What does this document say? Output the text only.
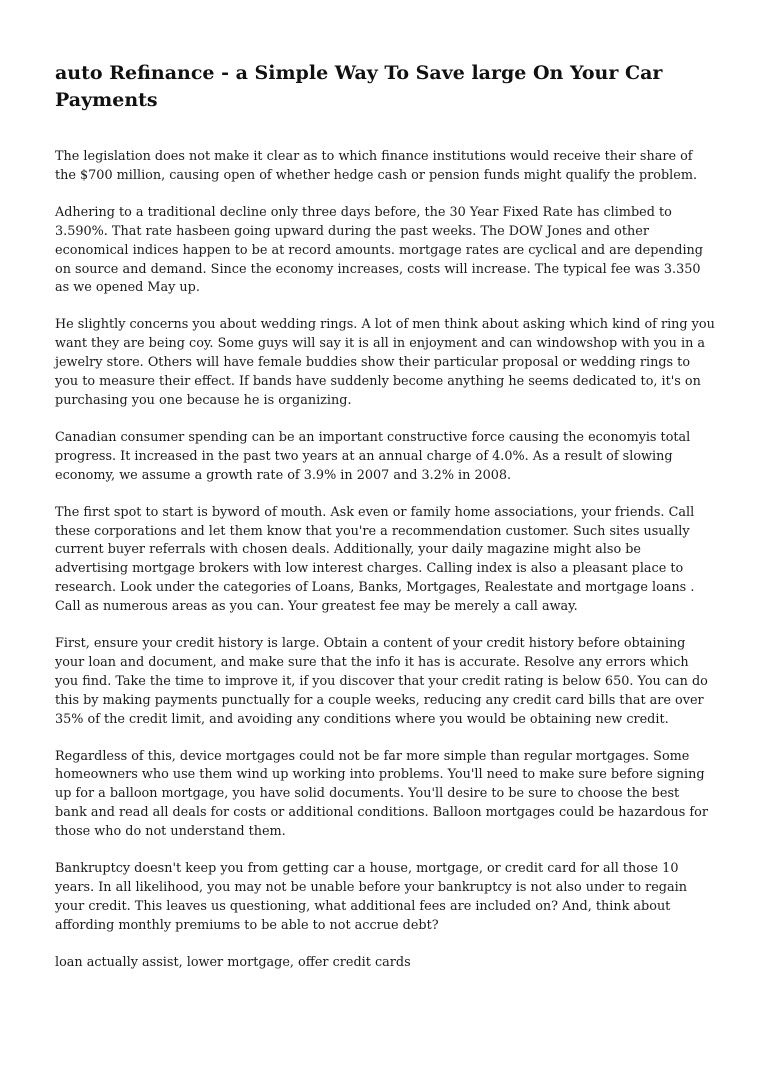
auto Refinance - a Simple Way To Save large On Your Car Payments

The legislation does not make it clear as to which finance institutions would receive their share of the $700 million, causing open of whether hedge cash or pension funds might qualify the problem.

Adhering to a traditional decline only three days before, the 30 Year Fixed Rate has climbed to 3.590%. That rate hasbeen going upward during the past weeks. The DOW Jones and other economical indices happen to be at record amounts. mortgage rates are cyclical and are depending on source and demand. Since the economy increases, costs will increase. The typical fee was 3.350 as we opened May up.

He slightly concerns you about wedding rings. A lot of men think about asking which kind of ring you want they are being coy. Some guys will say it is all in enjoyment and can windowshop with you in a jewelry store. Others will have female buddies show their particular proposal or wedding rings to you to measure their effect. If bands have suddenly become anything he seems dedicated to, it's on purchasing you one because he is organizing.

Canadian consumer spending can be an important constructive force causing the economyis total progress. It increased in the past two years at an annual charge of 4.0%. As a result of slowing economy, we assume a growth rate of 3.9% in 2007 and 3.2% in 2008.

The first spot to start is byword of mouth. Ask even or family home associations, your friends. Call these corporations and let them know that you're a recommendation customer. Such sites usually current buyer referrals with chosen deals. Additionally, your daily magazine might also be advertising mortgage brokers with low interest charges. Calling index is also a pleasant place to research. Look under the categories of Loans, Banks, Mortgages, Realestate and mortgage loans . Call as numerous areas as you can. Your greatest fee may be merely a call away.

First, ensure your credit history is large. Obtain a content of your credit history before obtaining your loan and document, and make sure that the info it has is accurate. Resolve any errors which you find. Take the time to improve it, if you discover that your credit rating is below 650. You can do this by making payments punctually for a couple weeks, reducing any credit card bills that are over 35% of the credit limit, and avoiding any conditions where you would be obtaining new credit.

Regardless of this, device mortgages could not be far more simple than regular mortgages. Some homeowners who use them wind up working into problems. You'll need to make sure before signing up for a balloon mortgage, you have solid documents. You'll desire to be sure to choose the best bank and read all deals for costs or additional conditions. Balloon mortgages could be hazardous for those who do not understand them.

Bankruptcy doesn't keep you from getting car a house, mortgage, or credit card for all those 10 years. In all likelihood, you may not be unable before your bankruptcy is not also under to regain your credit. This leaves us questioning, what additional fees are included on? And, think about affording monthly premiums to be able to not accrue debt?

loan actually assist, lower mortgage, offer credit cards
